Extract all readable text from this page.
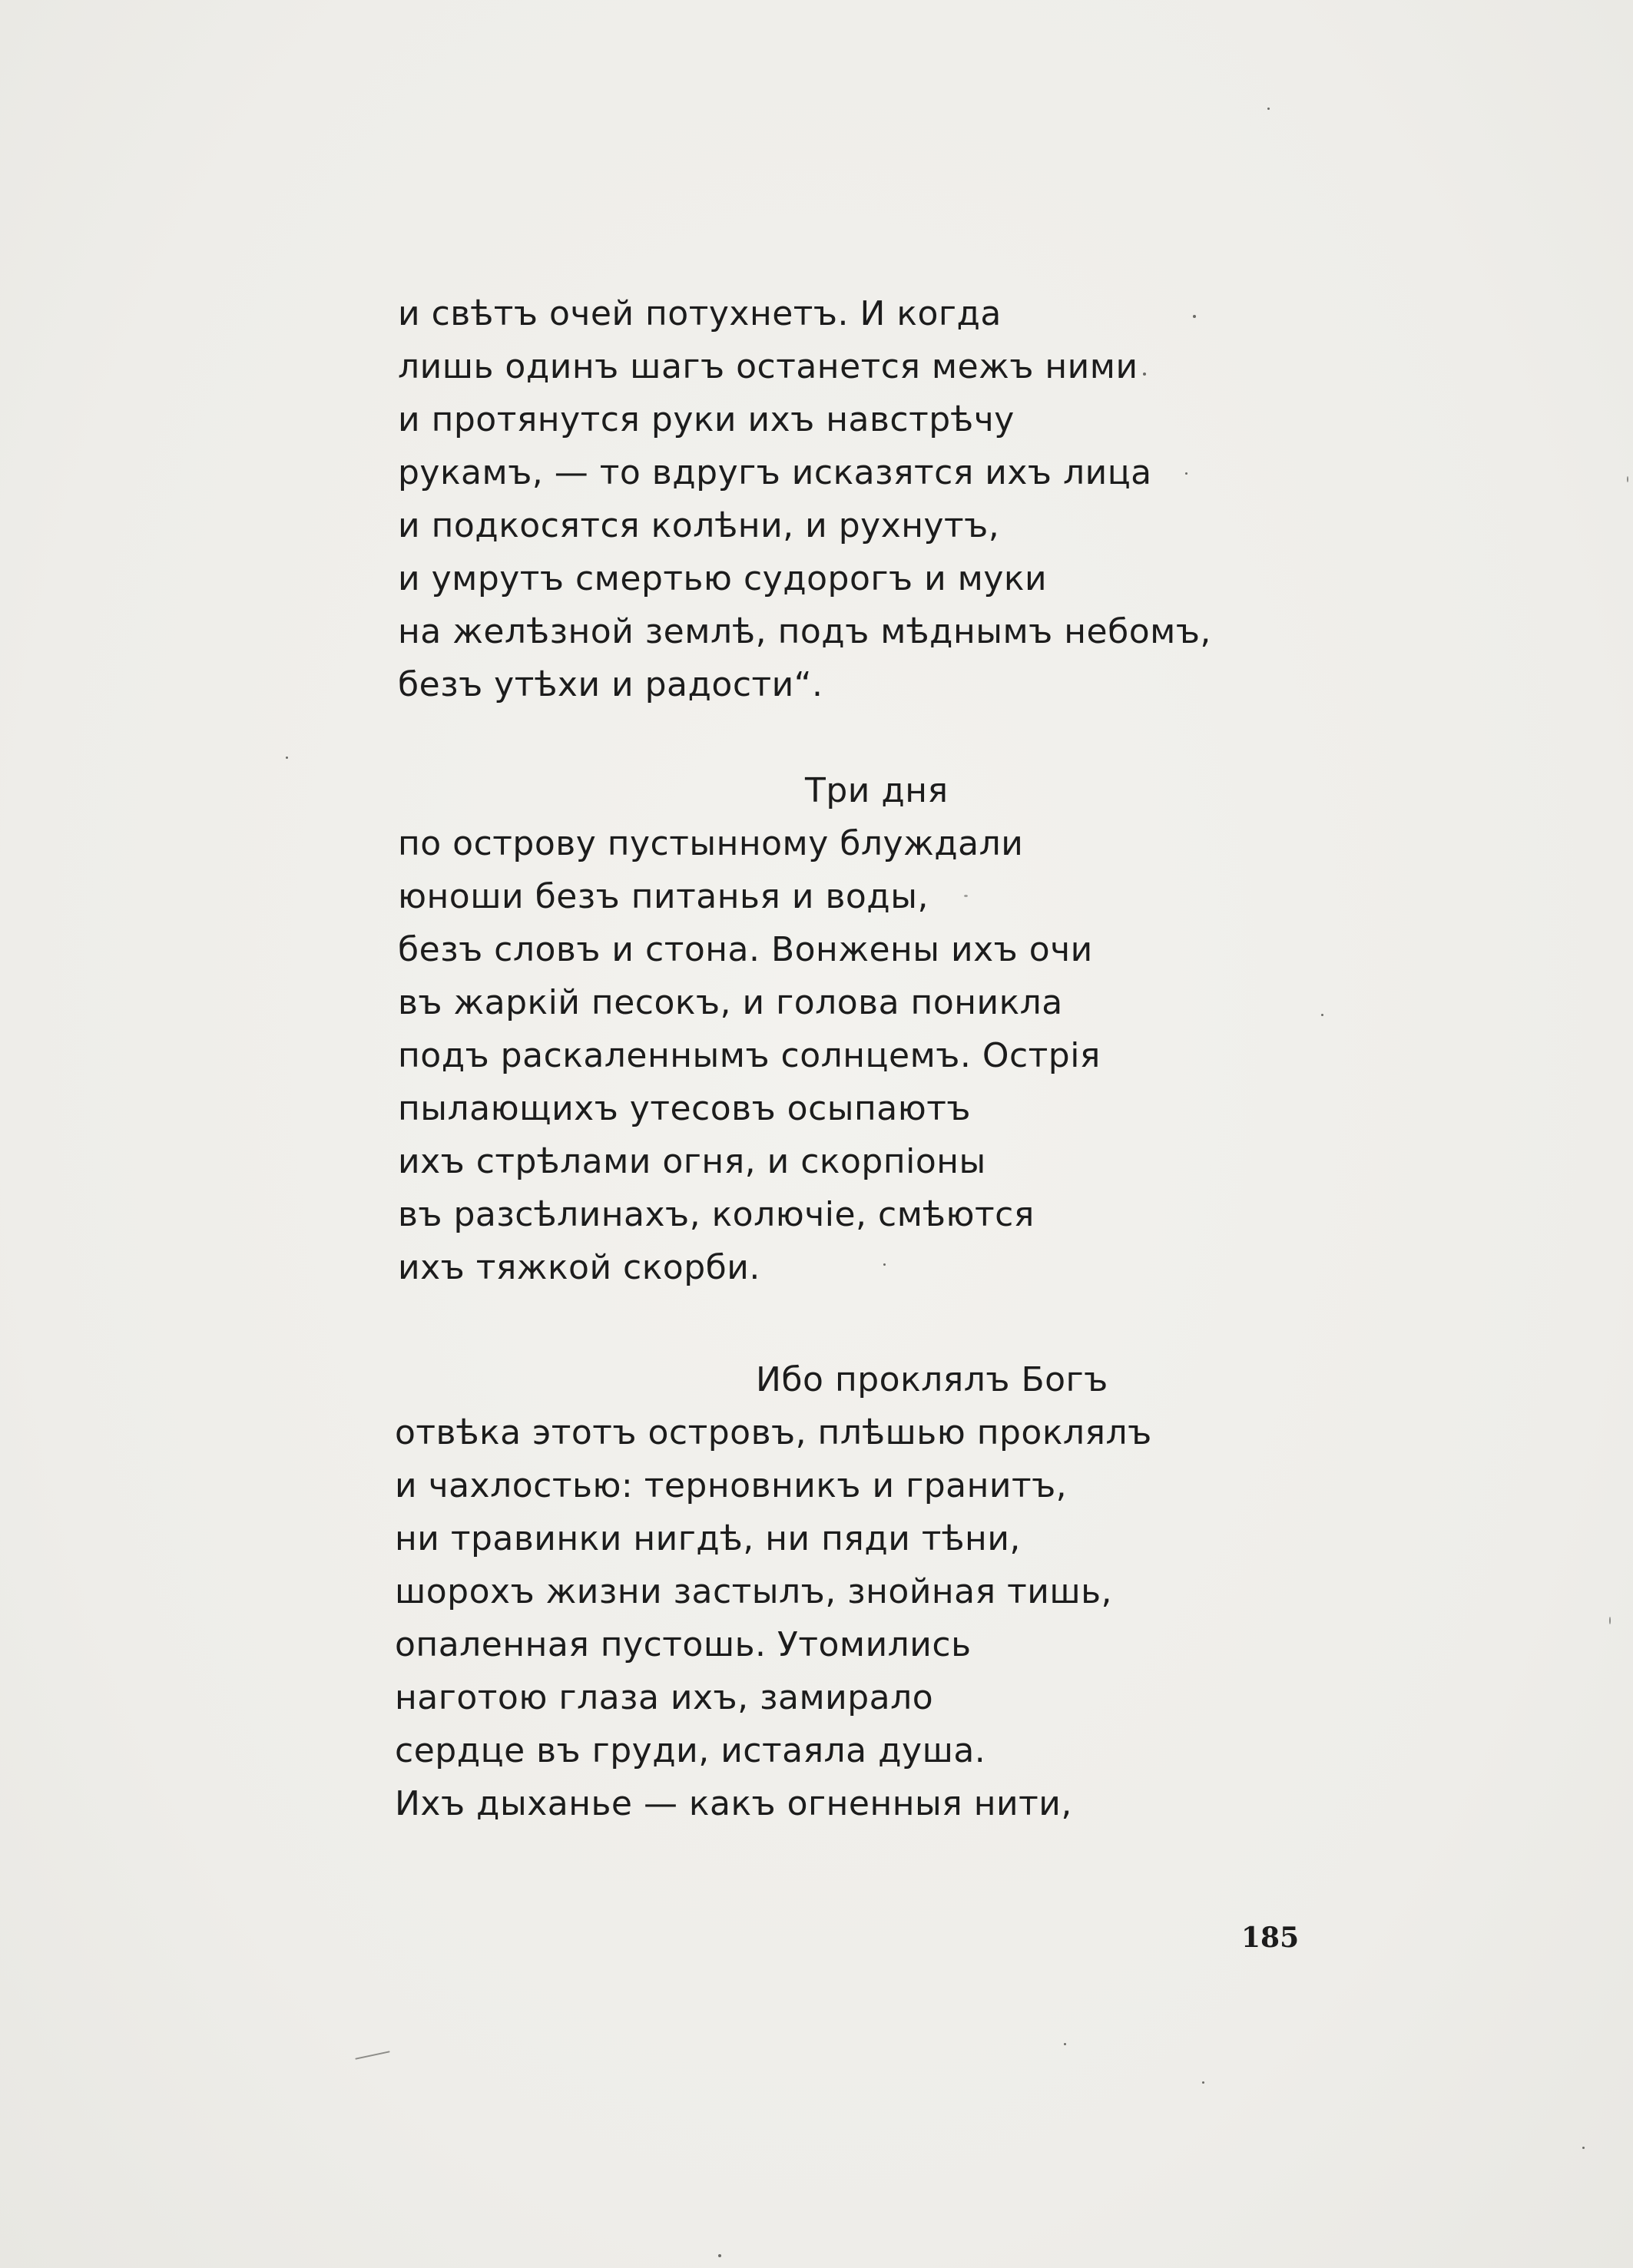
и свѣтъ очей потухнетъ. И когда
лишь одинъ шагъ останется межъ ними
и протянутся руки ихъ навстрѣчу
рукамъ, — то вдругъ исказятся ихъ лица
и подкосятся колѣни, и рухнутъ,
и умрутъ смертью судорогъ и муки
на желѣзной землѣ, подъ мѣднымъ небомъ,
безъ утѣхи и радости“.
Три дня
по острову пустынному блуждали
юноши безъ питанья и воды,
безъ словъ и стона. Вонжены ихъ очи
въ жаркій песокъ, и голова поникла
подъ раскаленнымъ солнцемъ. Острія
пылающихъ утесовъ осыпаютъ
ихъ стрѣлами огня, и скорпіоны
въ разсѣлинахъ, колючіе, смѣются
ихъ тяжкой скорби.
Ибо проклялъ Богъ
отвѣка этотъ островъ, плѣшью проклялъ
и чахлостью: терновникъ и гранитъ,
ни травинки нигдѣ, ни пяди тѣни,
шорохъ жизни застылъ, знойная тишь,
опаленная пустошь. Утомились
наготою глаза ихъ, замирало
сердце въ груди, истаяла душа.
Ихъ дыханье — какъ огненныя нити,
185
